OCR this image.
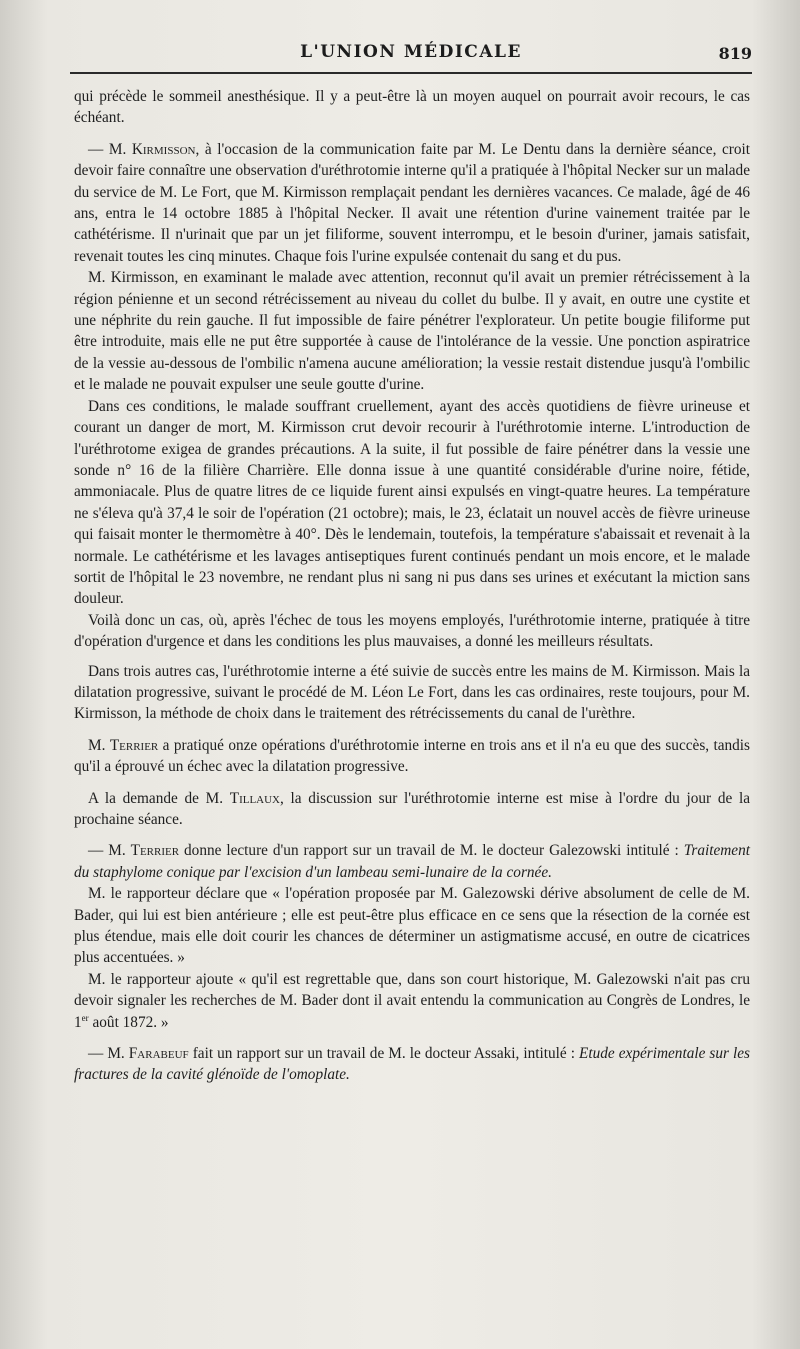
L'UNION MÉDICALE	819

qui précède le sommeil anesthésique. Il y a peut-être là un moyen auquel on pourrait avoir recours, le cas échéant.

— M. Kirmisson, à l'occasion de la communication faite par M. Le Dentu dans la dernière séance, croit devoir faire connaître une observation d'uréthrotomie interne qu'il a pratiquée à l'hôpital Necker sur un malade du service de M. Le Fort, que M. Kirmisson remplaçait pendant les dernières vacances. Ce malade, âgé de 46 ans, entra le 14 octobre 1885 à l'hôpital Necker. Il avait une rétention d'urine vainement traitée par le cathétérisme. Il n'urinait que par un jet filiforme, souvent interrompu, et le besoin d'uriner, jamais satisfait, revenait toutes les cinq minutes. Chaque fois l'urine expulsée contenait du sang et du pus.

M. Kirmisson, en examinant le malade avec attention, reconnut qu'il avait un premier rétrécissement à la région pénienne et un second rétrécissement au niveau du collet du bulbe. Il y avait, en outre une cystite et une néphrite du rein gauche. Il fut impossible de faire pénétrer l'explorateur. Un petite bougie filiforme put être introduite, mais elle ne put être supportée à cause de l'intolérance de la vessie. Une ponction aspiratrice de la vessie au-dessous de l'ombilic n'amena aucune amélioration; la vessie restait distendue jusqu'à l'ombilic et le malade ne pouvait expulser une seule goutte d'urine.

Dans ces conditions, le malade souffrant cruellement, ayant des accès quotidiens de fièvre urineuse et courant un danger de mort, M. Kirmisson crut devoir recourir à l'uréthrotomie interne. L'introduction de l'uréthrotome exigea de grandes précautions. A la suite, il fut possible de faire pénétrer dans la vessie une sonde n° 16 de la filière Charrière. Elle donna issue à une quantité considérable d'urine noire, fétide, ammoniacale. Plus de quatre litres de ce liquide furent ainsi expulsés en vingt-quatre heures. La température ne s'éleva qu'à 37,4 le soir de l'opération (21 octobre); mais, le 23, éclatait un nouvel accès de fièvre urineuse qui faisait monter le thermomètre à 40°. Dès le lendemain, toutefois, la température s'abaissait et revenait à la normale. Le cathétérisme et les lavages antiseptiques furent continués pendant un mois encore, et le malade sortit de l'hôpital le 23 novembre, ne rendant plus ni sang ni pus dans ses urines et exécutant la miction sans douleur.

Voilà donc un cas, où, après l'échec de tous les moyens employés, l'uréthrotomie interne, pratiquée à titre d'opération d'urgence et dans les conditions les plus mauvaises, a donné les meilleurs résultats.

Dans trois autres cas, l'uréthrotomie interne a été suivie de succès entre les mains de M. Kirmisson. Mais la dilatation progressive, suivant le procédé de M. Léon Le Fort, dans les cas ordinaires, reste toujours, pour M. Kirmisson, la méthode de choix dans le traitement des rétrécissements du canal de l'urèthre.

M. Terrier a pratiqué onze opérations d'uréthrotomie interne en trois ans et il n'a eu que des succès, tandis qu'il a éprouvé un échec avec la dilatation progressive.

A la demande de M. Tillaux, la discussion sur l'uréthrotomie interne est mise à l'ordre du jour de la prochaine séance.

— M. Terrier donne lecture d'un rapport sur un travail de M. le docteur Galezowski intitulé : Traitement du staphylome conique par l'excision d'un lambeau semi-lunaire de la cornée.

M. le rapporteur déclare que « l'opération proposée par M. Galezowski dérive absolument de celle de M. Bader, qui lui est bien antérieure ; elle est peut-être plus efficace en ce sens que la résection de la cornée est plus étendue, mais elle doit courir les chances de déterminer un astigmatisme accusé, en outre de cicatrices plus accentuées. »

M. le rapporteur ajoute « qu'il est regrettable que, dans son court historique, M. Galezowski n'ait pas cru devoir signaler les recherches de M. Bader dont il avait entendu la communication au Congrès de Londres, le 1er août 1872. »

— M. Farabeuf fait un rapport sur un travail de M. le docteur Assaki, intitulé : Etude expérimentale sur les fractures de la cavité glénoïde de l'omoplate.
